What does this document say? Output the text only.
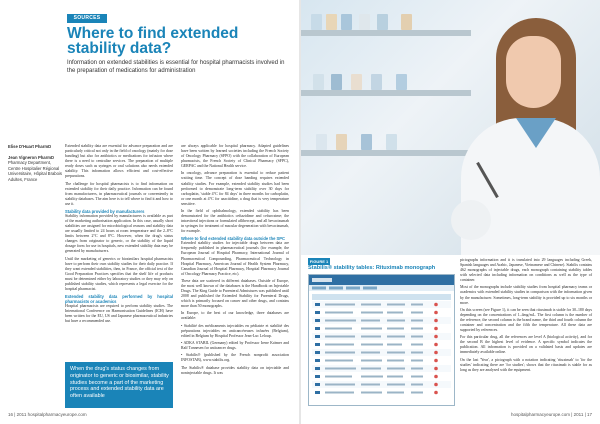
SOURCES
Where to find extended stability data?

Information on extended stabilities is essential for hospital pharmacists involved in the preparation of medications for administration

Elise D'Huart PharmD

Jean Vigneron PharmD
Pharmacy Department, Centre Hospitalier Régional Universitaire, Hôpital Brabois Adultes, France

Extended stability data are essential for advance preparation and are particularly critical not only in the field of oncology (mainly for dose banding) but also for antibiotics or medications for infusion where there is a need to centralise services. The preparation of multiple ready doses such as syringes or oral solutions also needs extended stability. This information allows efficient and cost-effective preparations.

The challenge for hospital pharmacists is to find information on extended stability for their daily practice. Information can be found from manufacturers, in pharmaceutical journals or conveniently in stability databases. The aim here is to tell where to find it and how to use it.

Stability data provided by manufacturers

Stability information provided by manufacturers is available as part of the marketing authorisation application. In this case, usually short stabilities are assigned for microbiological reasons and stability data are usually limited to 24 hours at room temperature and the 2–8°C limits between 2°C and 8°C. However, when the drug's status changes from originator to generic, or the stability of the liquid dosage form for use in hospitals, new extended stability data may be generated by manufacturers.

Until the marketing of generics or biosimilars hospital pharmacists have to perform their own stability studies for their daily practice. If they want extended stabilities, then, in France, the official text of the Good Preparation Practices specifies that the shelf life of products must be determined either by laboratory studies or they may rely on published stability studies, which represents a legal exercise for the hospital pharmacist.

Extended stability data performed by hospital pharmacists or academics

Hospital pharmacists are required to perform stability studies. The International Conference on Harmonisation Guidelines (ICH) have been written for the EU, US and Japanese pharmaceutical industries but have a recommended use.

are always applicable for hospital pharmacy. Adapted guidelines have been written by learned societies including the French Society of Oncology Pharmacy (SFPO) with the collaboration of European pharmacists, the French Society of Clinical Pharmacy (SFPC), GERPAC and the National Health service.

In oncology, advance preparation is essential to reduce patient waiting time. The concept of dose banding requires extended stability studies. For example, extended stability studies had been performed to demonstrate long-term stability over 30 days for carboplatin, 'stable 4°C for 84 days' in three months for carboplatin, or one month at 4°C for azacitidine, a drug that is very temperature sensitive.

In the field of ophthalmology, extended stability has been demonstrated for the antibiotics ceftazidime and cefuroxime; the intravitreal injections or formulated aflibercept, and all bevacizumab in syringes for treatment of macular degeneration with bevacizumab, for example.

Where to find extended stability data outside the SPC

Extended stability studies for injectable drugs between data are frequently published in pharmaceutical journals (for example, the European Journal of Hospital Pharmacy, International Journal of Pharmaceutical Compounding, Pharmaceutical Technology in Hospital Pharmacy, American Journal of Health System Pharmacy, Canadian Journal of Hospital Pharmacy, Hospital Pharmacy Journal of Oncology Pharmacy Practice, etc).

These data are scattered in different databases. Outside of Europe, the most well known of the databases is the Handbook on Injectable Drugs. The King Guide to Parenteral Admixtures was published until 2008 and published the Extended Stability for Parenteral Drugs, which is primarily focused on cancer and other drugs, and contains more than 50 monographs.

In Europe, to the best of our knowledge, three databases are available:

• Stabilité des médicaments injectables en pédiatrie et stabilité des préparations injectables en anticancéreuses infusées (Belgium), edited in Belgium by Hospital Professor Jean-Luc Leloup.

• ADKA STABIL (Germany) edited by Professor Irene Krämer and Ralf Tonnesen for anticancer drugs.

• Stabilis® (published by the French nonprofit association INFOSTAB), www.stabilis.org.

The Stabilis® database provides stability data on injectable and noninjectable drugs. It was

When the drug's status changes from originator to generic or biosimilar, stability studies become a part of the marketing process and extended stability data are often available
16 | 2011 hospitalpharmacyeurope.com
FIGURE 1
Stabilis® stability tables: Rituximab monograph

pictographs information and it is translated into 29 languages including Greek, Spanish languages and Arabic, Japanese, Vietnamese and Chinese). Stabilis contains 462 monographs of injectable drugs, each monograph containing stability tables with selected data including information on conditions as well as the type of container.

Most of the monographs include stability studies from hospital pharmacy teams or academics with extended stability studies in comparison with the information given by the manufacturer. Sometimes, long-term stability is provided up to six months or more.

On this screen (see Figure 1), it can be seen that rituximab is stable for 30–180 days depending on the concentrations of 1–4mg/mL. The first column is the number of the reference, the second column is the brand name, the third and fourth column the container and concentration and the fifth the temperature. All these data are supported by references.

For this particular drug, all the references are level A (biological activity), and for the second B the highest level of evidence. A specific symbol indicates the publication. All information is provided on a validated basis and updates are immediately available online.

On the last 'Year', a pictograph with a notation indicating 'rituximab' to 'for the studies' indicating there are 'for studies'; shows that the rituximab is stable for as long as they are analysed with the equipment.

hospitalpharmacyeurope.com | 2011 | 17
